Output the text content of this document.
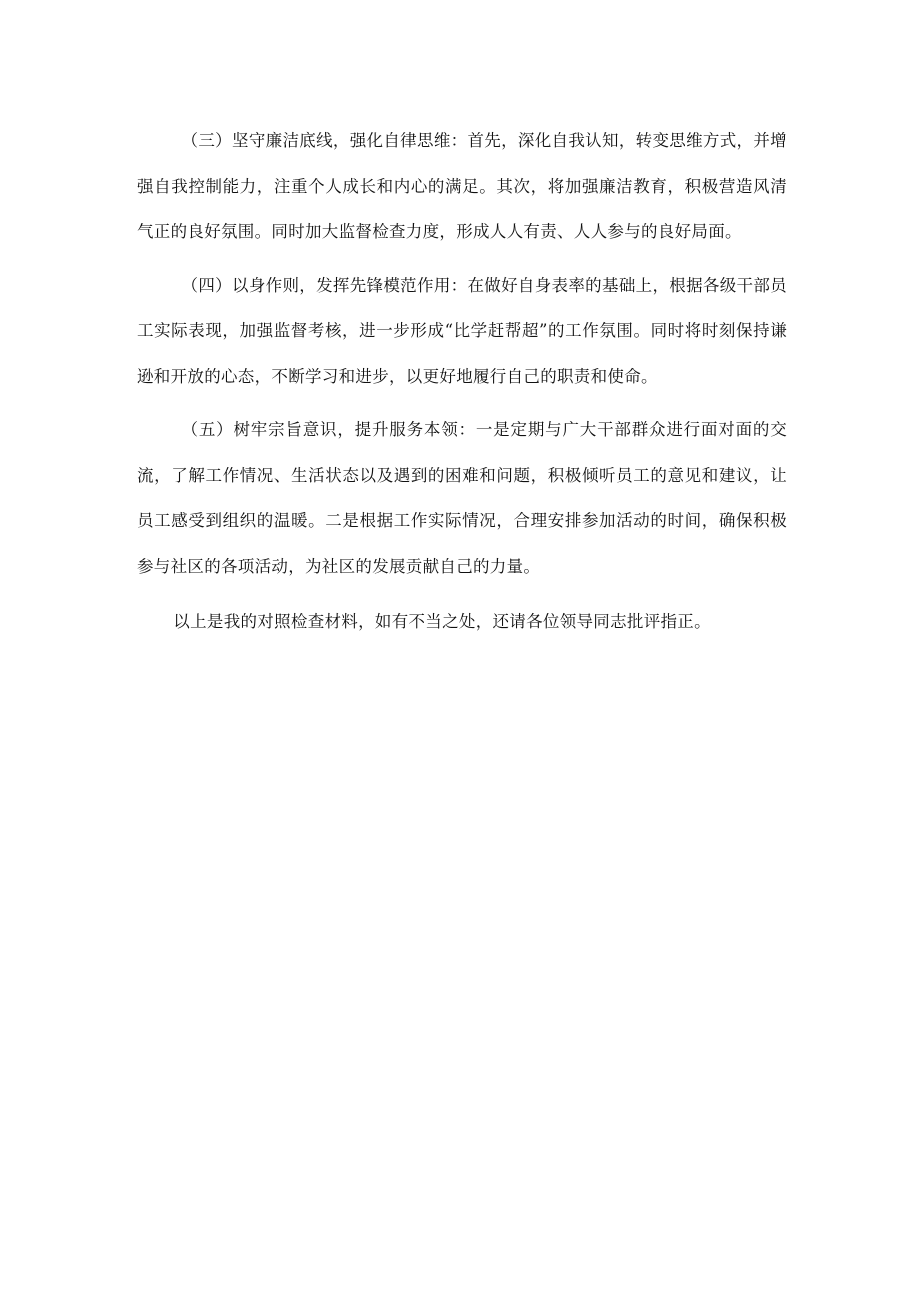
（三）坚守廉洁底线，强化自律思维：首先，深化自我认知，转变思维方式，并增强自我控制能力，注重个人成长和内心的满足。其次，将加强廉洁教育，积极营造风清气正的良好氛围。同时加大监督检查力度，形成人人有责、人人参与的良好局面。

（四）以身作则，发挥先锋模范作用：在做好自身表率的基础上，根据各级干部员工实际表现，加强监督考核，进一步形成“比学赶帮超”的工作氛围。同时将时刻保持谦逊和开放的心态，不断学习和进步，以更好地履行自己的职责和使命。

（五）树牢宗旨意识，提升服务本领：一是定期与广大干部群众进行面对面的交流，了解工作情况、生活状态以及遇到的困难和问题，积极倾听员工的意见和建议，让员工感受到组织的温暖。二是根据工作实际情况，合理安排参加活动的时间，确保积极参与社区的各项活动，为社区的发展贡献自己的力量。

以上是我的对照检查材料，如有不当之处，还请各位领导同志批评指正。
